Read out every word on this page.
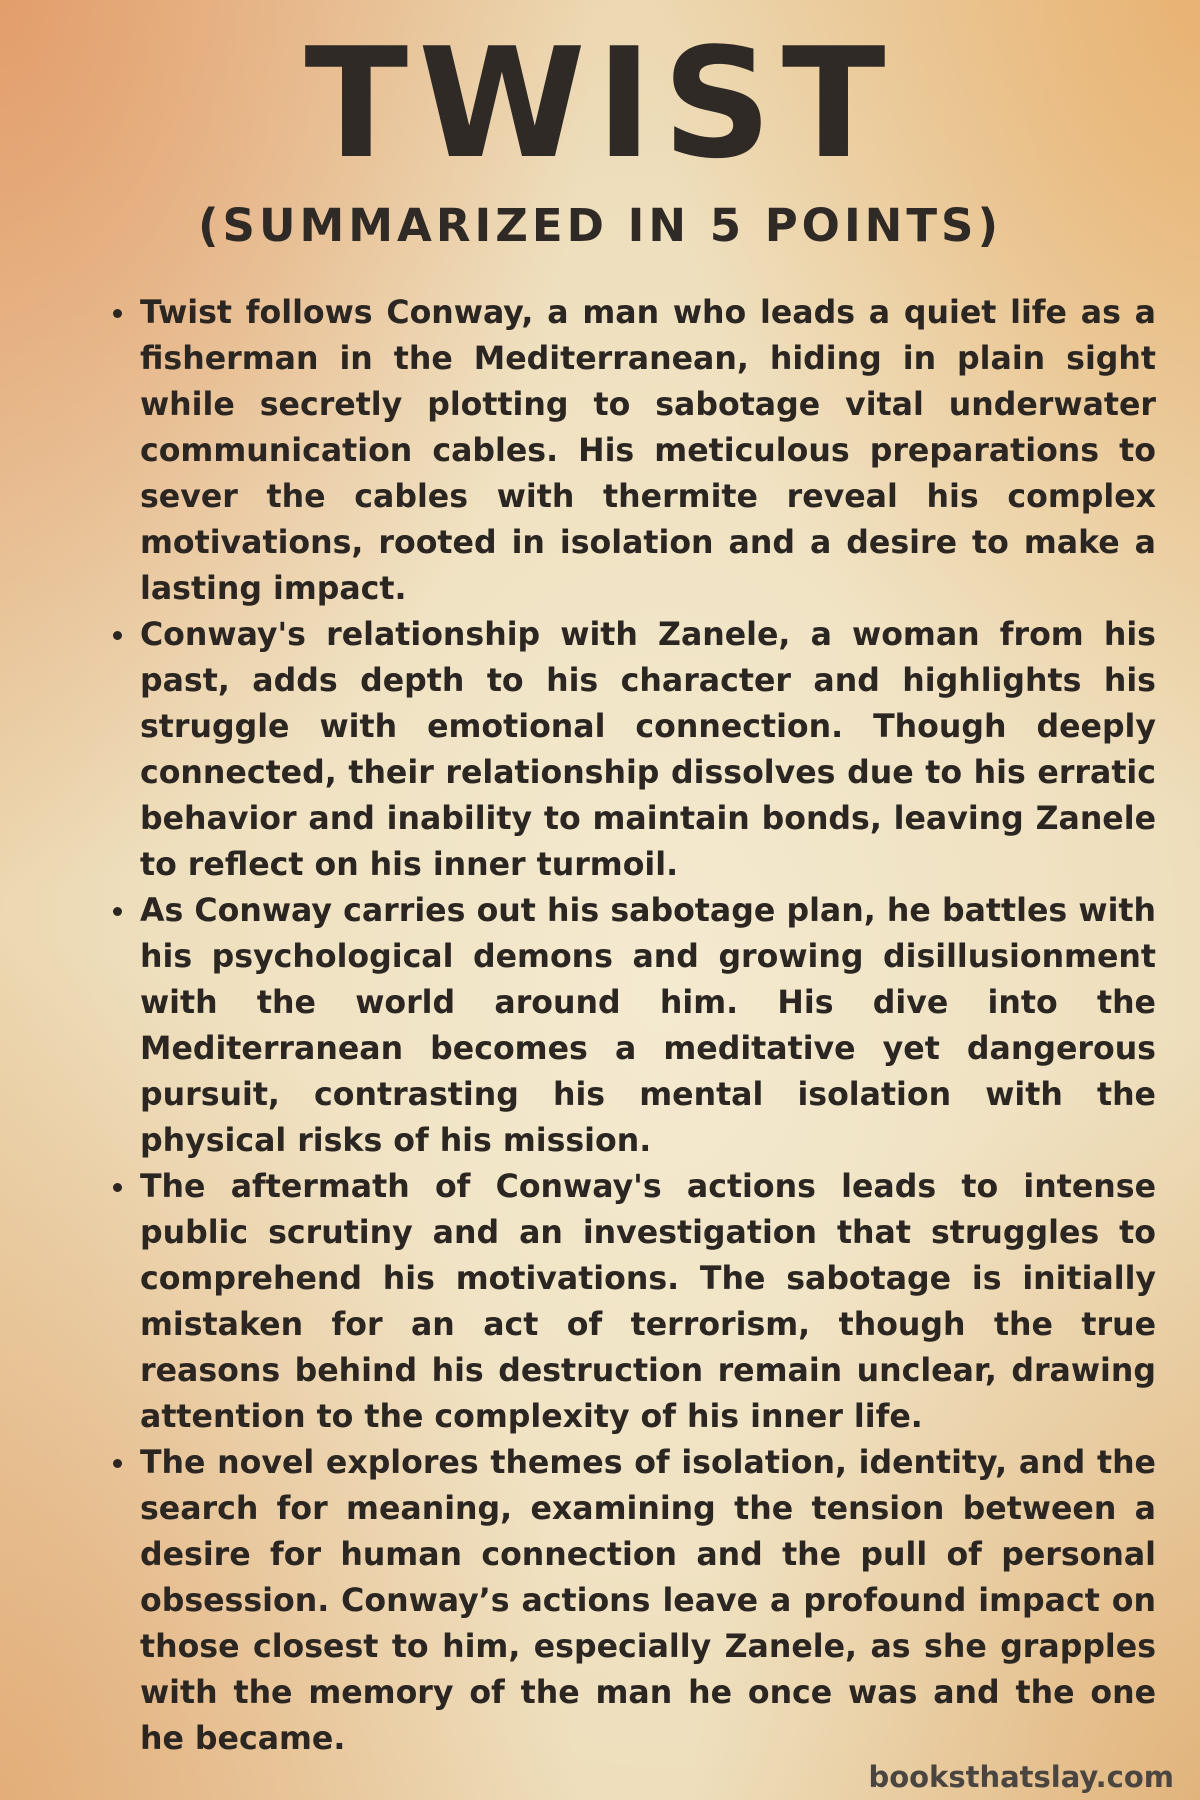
TWIST
(SUMMARIZED IN 5 POINTS)
Twist follows Conway, a man who leads a quiet life as a fisherman in the Mediterranean, hiding in plain sight while secretly plotting to sabotage vital underwater communication cables. His meticulous preparations to sever the cables with thermite reveal his complex motivations, rooted in isolation and a desire to make a lasting impact.
Conway's relationship with Zanele, a woman from his past, adds depth to his character and highlights his struggle with emotional connection. Though deeply connected, their relationship dissolves due to his erratic behavior and inability to maintain bonds, leaving Zanele to reflect on his inner turmoil.
As Conway carries out his sabotage plan, he battles with his psychological demons and growing disillusionment with the world around him. His dive into the Mediterranean becomes a meditative yet dangerous pursuit, contrasting his mental isolation with the physical risks of his mission.
The aftermath of Conway's actions leads to intense public scrutiny and an investigation that struggles to comprehend his motivations. The sabotage is initially mistaken for an act of terrorism, though the true reasons behind his destruction remain unclear, drawing attention to the complexity of his inner life.
The novel explores themes of isolation, identity, and the search for meaning, examining the tension between a desire for human connection and the pull of personal obsession. Conway’s actions leave a profound impact on those closest to him, especially Zanele, as she grapples with the memory of the man he once was and the one he became.
booksthatslay.com
